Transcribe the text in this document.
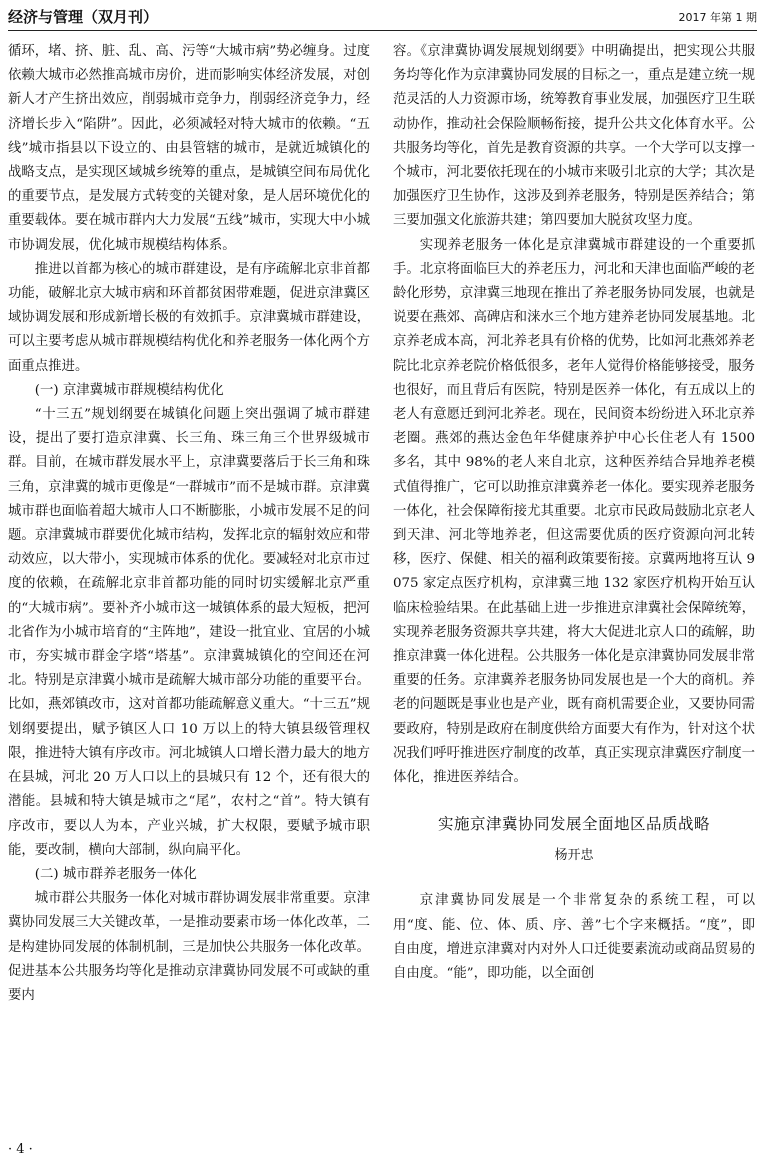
经济与管理（双月刊）	2017 年第 1 期

循环，堵、挤、脏、乱、高、污等“大城市病”势必缠身。过度依赖大城市必然推高城市房价，进而影响实体经济发展，对创新人才产生挤出效应，削弱城市竞争力，削弱经济竞争力，经济增长步入“陷阱”。因此，必须减轻对特大城市的依赖。“五线”城市指县以下设立的、由县管辖的城市，是就近城镇化的战略支点，是实现区域城乡统筹的重点，是城镇空间布局优化的重要节点，是发展方式转变的关键对象，是人居环境优化的重要载体。要在城市群内大力发展“五线”城市，实现大中小城市协调发展，优化城市规模结构体系。

推进以首都为核心的城市群建设，是有序疏解北京非首都功能，破解北京大城市病和环首都贫困带难题，促进京津冀区域协调发展和形成新增长极的有效抓手。京津冀城市群建设，可以主要考虑从城市群规模结构优化和养老服务一体化两个方面重点推进。

(一) 京津冀城市群规模结构优化

“十三五”规划纲要在城镇化问题上突出强调了城市群建设，提出了要打造京津冀、长三角、珠三角三个世界级城市群。目前，在城市群发展水平上，京津冀要落后于长三角和珠三角，京津冀的城市更像是“一群城市”而不是城市群。京津冀城市群也面临着超大城市人口不断膨胀，小城市发展不足的问题。京津冀城市群要优化城市结构，发挥北京的辐射效应和带动效应，以大带小，实现城市体系的优化。要减轻对北京市过度的依赖，在疏解北京非首都功能的同时切实缓解北京严重的“大城市病”。要补齐小城市这一城镇体系的最大短板，把河北省作为小城市培育的“主阵地”，建设一批宜业、宜居的小城市，夯实城市群金字塔“塔基”。京津冀城镇化的空间还在河北。特别是京津冀小城市是疏解大城市部分功能的重要平台。比如，燕郊镇改市，这对首都功能疏解意义重大。“十三五”规划纲要提出，赋予镇区人口 10 万以上的特大镇县级管理权限，推进特大镇有序改市。河北城镇人口增长潜力最大的地方在县城，河北 20 万人口以上的县城只有 12 个，还有很大的潜能。县城和特大镇是城市之“尾”，农村之“首”。特大镇有序改市，要以人为本，产业兴城，扩大权限，要赋予城市职能，要改制，横向大部制，纵向扁平化。

(二) 城市群养老服务一体化

城市群公共服务一体化对城市群协调发展非常重要。京津冀协同发展三大关键改革，一是推动要素市场一体化改革，二是构建协同发展的体制机制，三是加快公共服务一体化改革。促进基本公共服务均等化是推动京津冀协同发展不可或缺的重要内

容。《京津冀协调发展规划纲要》中明确提出，把实现公共服务均等化作为京津冀协同发展的目标之一，重点是建立统一规范灵活的人力资源市场，统筹教育事业发展，加强医疗卫生联动协作，推动社会保险顺畅衔接，提升公共文化体育水平。公共服务均等化，首先是教育资源的共享。一个大学可以支撑一个城市，河北要依托现在的小城市来吸引北京的大学；其次是加强医疗卫生协作，这涉及到养老服务，特别是医养结合；第三要加强文化旅游共建；第四要加大脱贫攻坚力度。

实现养老服务一体化是京津冀城市群建设的一个重要抓手。北京将面临巨大的养老压力，河北和天津也面临严峻的老龄化形势，京津冀三地现在推出了养老服务协同发展，也就是说要在燕郊、高碑店和涞水三个地方建养老协同发展基地。北京养老成本高，河北养老具有价格的优势，比如河北燕郊养老院比北京养老院价格低很多，老年人觉得价格能够接受，服务也很好，而且背后有医院，特别是医养一体化，有五成以上的老人有意愿迁到河北养老。现在，民间资本纷纷进入环北京养老圈。燕郊的燕达金色年华健康养护中心长住老人有 1500 多名，其中 98%的老人来自北京，这种医养结合异地养老模式值得推广，它可以助推京津冀养老一体化。要实现养老服务一体化，社会保障衔接尤其重要。北京市民政局鼓励北京老人到天津、河北等地养老，但这需要优质的医疗资源向河北转移，医疗、保健、相关的福利政策要衔接。京冀两地将互认 9 075 家定点医疗机构，京津冀三地 132 家医疗机构开始互认临床检验结果。在此基础上进一步推进京津冀社会保障统筹，实现养老服务资源共享共建，将大大促进北京人口的疏解，助推京津冀一体化进程。公共服务一体化是京津冀协同发展非常重要的任务。京津冀养老服务协同发展也是一个大的商机。养老的问题既是事业也是产业，既有商机需要企业，又要协同需要政府，特别是政府在制度供给方面要大有作为，针对这个状况我们呼吁推进医疗制度的改革，真正实现京津冀医疗制度一体化，推进医养结合。

实施京津冀协同发展全面地区品质战略
杨开忠

京津冀协同发展是一个非常复杂的系统工程，可以用“度、能、位、体、质、序、善”七个字来概括。“度”，即自由度，增进京津冀对内对外人口迁徙要素流动或商品贸易的自由度。“能”，即功能，以全面创

· 4 ·
